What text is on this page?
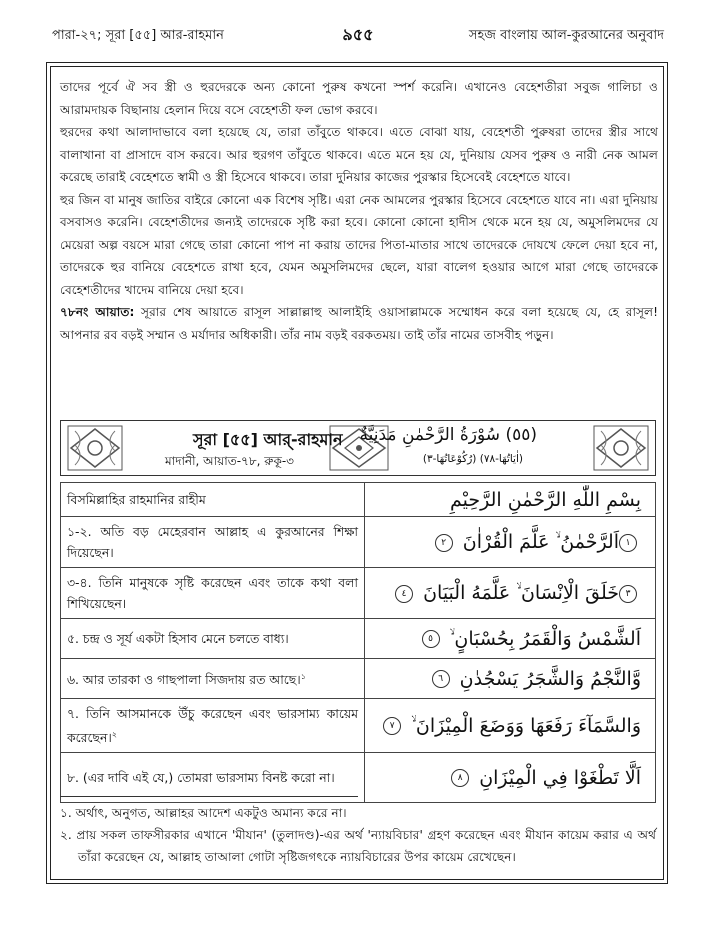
পারা-২৭; সূরা [৫৫] আর-রাহমান	৯৫৫	সহজ বাংলায় আল-কুরআনের অনুবাদ

তাদের পূর্বে ঐ সব স্ত্রী ও হুরদেরকে অন্য কোনো পুরুষ কখনো স্পর্শ করেনি। এখানেও বেহেশতীরা সবুজ গালিচা ও আরামদায়ক বিছানায় হেলান দিয়ে বসে বেহেশতী ফল ভোগ করবে।

হুরদের কথা আলাদাভাবে বলা হয়েছে যে, তারা তাঁবুতে থাকবে। এতে বোঝা যায়, বেহেশতী পুরুষরা তাদের স্ত্রীর সাথে বালাখানা বা প্রাসাদে বাস করবে। আর হুরগণ তাঁবুতে থাকবে। এতে মনে হয় যে, দুনিয়ায় যেসব পুরুষ ও নারী নেক আমল করেছে তারাই বেহেশতে স্বামী ও স্ত্রী হিসেবে থাকবে। তারা দুনিয়ার কাজের পুরস্কার হিসেবেই বেহেশতে যাবে।

হুর জিন বা মানুষ জাতির বাইরে কোনো এক বিশেষ সৃষ্টি। এরা নেক আমলের পুরস্কার হিসেবে বেহেশতে যাবে না। এরা দুনিয়ায় বসবাসও করেনি। বেহেশতীদের জন্যই তাদেরকে সৃষ্টি করা হবে। কোনো কোনো হাদীস থেকে মনে হয় যে, অমুসলিমদের যে মেয়েরা অল্প বয়সে মারা গেছে তারা কোনো পাপ না করায় তাদের পিতা-মাতার সাথে তাদেরকে দোযখে ফেলে দেয়া হবে না, তাদেরকে হুর বানিয়ে বেহেশতে রাখা হবে, যেমন অমুসলিমদের ছেলে, যারা বালেগ হওয়ার আগে মারা গেছে তাদেরকে বেহেশতীদের খাদেম বানিয়ে দেয়া হবে।

৭৮নং আয়াত: সূরার শেষ আয়াতে রাসূল সাল্লাল্লাহু আলাইহি ওয়াসাল্লামকে সম্মোধন করে বলা হয়েছে যে, হে রাসূল! আপনার রব বড়ই সম্মান ও মর্যাদার অধিকারী। তাঁর নাম বড়ই বরকতময়। তাই তাঁর নামের তাসবীহ পড়ুন।

সূরা [৫৫] আর্-রাহমান
মাদানী, আয়াত-৭৮, রুকূ-৩
(٥٥) سُوْرَةُ الرَّحْمٰنِ مَدَنِيَّةٌ
(اٰيَاتُهَا-٧٨) (رُكُوْعَاتُهَا-٣)
বিসমিল্লাহির রাহমানির রাহীম	بِسْمِ اللّٰهِ الرَّحْمٰنِ الرَّحِيْمِ
১-২. অতি বড় মেহেরবান আল্লাহ এ কুরআনের শিক্ষা দিয়েছেন।	١اَلرَّحْمٰنُ ۙ عَلَّمَ الْقُرْاٰنَ ٢
৩-৪. তিনি মানুষকে সৃষ্টি করেছেন এবং তাকে কথা বলা শিখিয়েছেন।	٣خَلَقَ الْاِنْسَانَ ۙ عَلَّمَهُ الْبَيَانَ ٤
৫. চন্দ্র ও সূর্য একটা হিসাব মেনে চলতে বাধ্য।	اَلشَّمْسُ وَالْقَمَرُ بِحُسْبَانٍ ۙ ٥
৬. আর তারকা ও গাছপালা সিজদায় রত আছে।$^১$	وَّالنَّجْمُ وَالشَّجَرُ يَسْجُدٰنِ ٦
৭. তিনি আসমানকে উঁচু করেছেন এবং ভারসাম্য কায়েম করেছেন।$^২$	وَالسَّمَآءَ رَفَعَهَا وَوَضَعَ الْمِيْزَانَ ۙ ٧
৮. (এর দাবি এই যে,) তোমরা ভারসাম্য বিনষ্ট করো না।	اَلَّا تَطْغَوْا فِي الْمِيْزَانِ ٨

১. অর্থাৎ, অনুগত, আল্লাহর আদেশ একটুও অমান্য করে না।

২. প্রায় সকল তাফসীরকার এখানে 'মীযান' (তুলাদণ্ড)-এর অর্থ 'ন্যায়বিচার' গ্রহণ করেছেন এবং মীযান কায়েম করার এ অর্থ তাঁরা করেছেন যে, আল্লাহ তাআলা গোটা সৃষ্টিজগৎকে ন্যায়বিচারের উপর কায়েম রেখেছেন।
